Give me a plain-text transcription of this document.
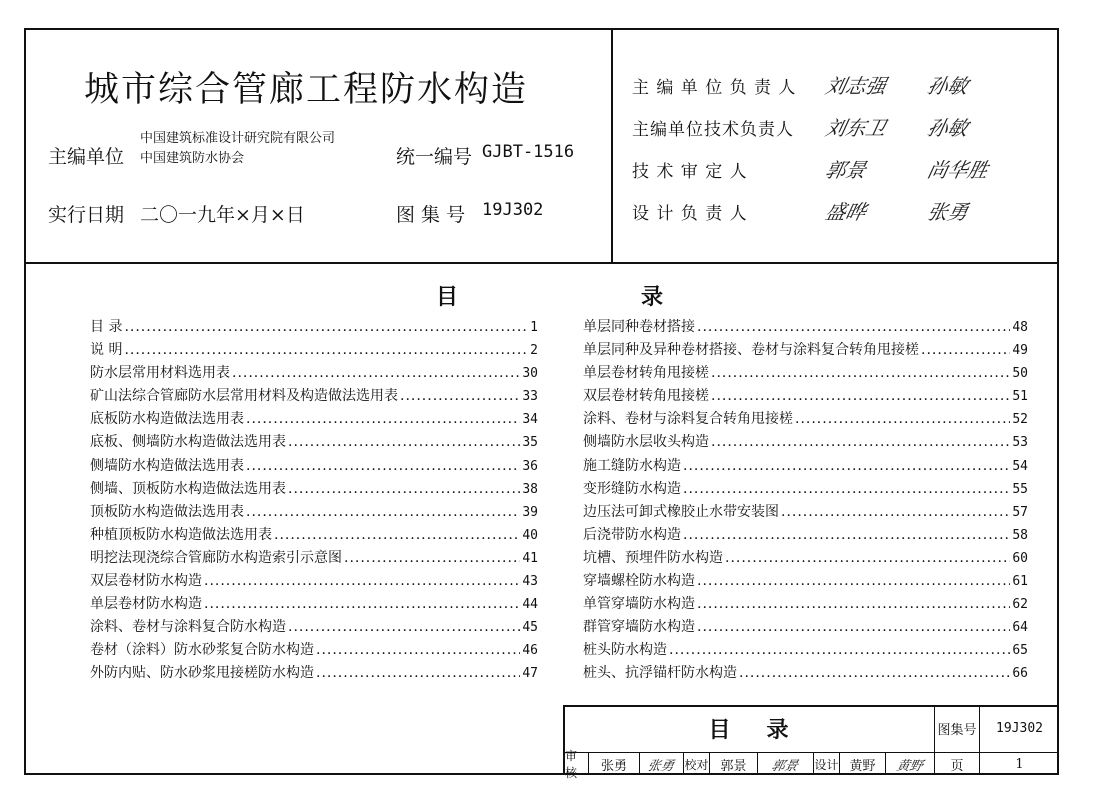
城市综合管廊工程防水构造
主编单位
中国建筑标准设计研究院有限公司
中国建筑防水协会	统一编号 GJBT-1516
实行日期 二〇一九年×月×日	图 集 号 19J302
主 编 单 位 负 责 人 刘志强 孙敏
主编单位技术负责人 刘东卫 孙敏
技 术 审 定 人	郭景	尚华胜
设 计 负 责 人	盛晔	张勇
目	录
目 录 .....	1
说 明 .....	2
防水层常用材料选用表 .....	30
矿山法综合管廊防水层常用材料及构造做法选用表 .....	33
底板防水构造做法选用表 .....	34
底板、侧墙防水构造做法选用表 .....	35
侧墙防水构造做法选用表 .....	36
侧墙、顶板防水构造做法选用表 .....	38
顶板防水构造做法选用表 .....	39
种植顶板防水构造做法选用表 .....	40
明挖法现浇综合管廊防水构造索引示意图 .....	41
双层卷材防水构造 .....	43
单层卷材防水构造 .....	44
涂料、卷材与涂料复合防水构造 .....	45
卷材（涂料）防水砂浆复合防水构造 .....	46
外防内贴、防水砂浆甩接槎防水构造 .....	47
单层同种卷材搭接 .....	48
单层同种及异种卷材搭接、卷材与涂料复合转角甩接槎 .....	49
单层卷材转角甩接槎 .....	50
双层卷材转角甩接槎 .....	51
涂料、卷材与涂料复合转角甩接槎 .....	52
侧墙防水层收头构造 .....	53
施工缝防水构造 .....	54
变形缝防水构造 .....	55
边压法可卸式橡胶止水带安装图 .....	57
后浇带防水构造 .....	58
坑槽、预埋件防水构造 .....	60
穿墙螺栓防水构造 .....	61
单管穿墙防水构造 .....	62
群管穿墙防水构造 .....	64
桩头防水构造 .....	65
桩头、抗浮锚杆防水构造 .....	66
目录	图集号	19J302
审核	张勇	张勇 校对 郭景	郭景 设计 黄野	黄野	页	1
